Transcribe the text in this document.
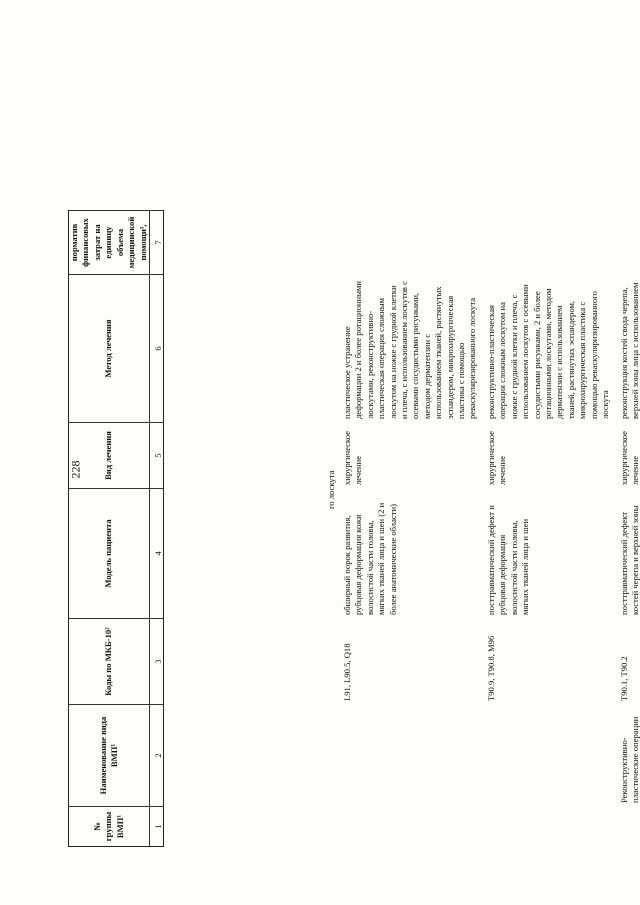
228
№ группы ВМП¹
Наименование вида ВМП¹
Коды по МКБ-10²
Модель пациента
Вид лечения
Метод лечения
норматив финансовых затрат на единицу объема медицинской помощи³,
1
2
3
4
5
6
7
го лоскута
L91, L90.5, Q18
обширный порок развития, рубцовая деформация кожи волосистой части головы, мягких тканей лица и шеи (2 и более анатомические области)
хирургическое лечение
пластическое устранение деформации 2 и более ротационными лоскутами, реконструктивно-пластическая операция сложным лоскутом на ножке с грудной клетки и плеча, с использованием лоскутов с осевыми сосудистыми рисунками, методом дерматензии с использованием тканей, растянутых эспандером, микрохирургическая пластика с помощью реваскуляризированного лоскута
T90.9, T90.8, M96
посттравматический дефект и рубцовая деформация волосистой части головы, мягких тканей лица и шеи
хирургическое лечение
реконструктивно-пластическая операция сложным лоскутом на ножке с грудной клетки и плеча, с использованием лоскутов с осевыми сосудистыми рисунками, 2 и более ротационными лоскутами, методом дерматензии с использованием тканей, растянутых эспандером, микрохирургическая пластика с помощью реваскуляризированного лоскута
Реконструктивно-пластические операции
T90.1, T90.2
посттравматический дефект костей черепа и верхней зоны
хирургическое лечение
реконструкция костей свода черепа, верхней зоны лица с использованием
